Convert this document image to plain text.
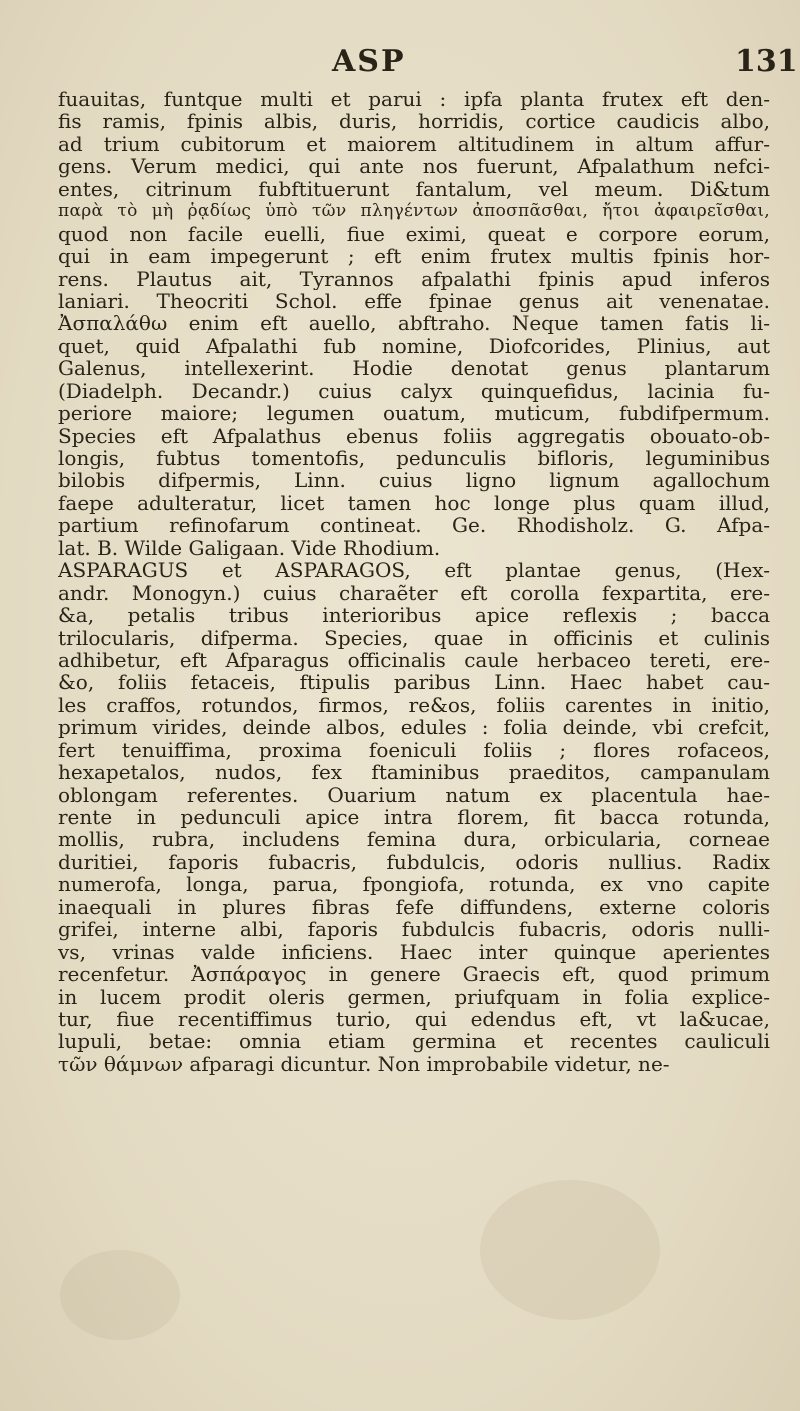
ASP	131
fuauitas, funtque multi et parui : ipfa planta frutex eft den-
fis ramis, fpinis albis, duris, horridis, cortice caudicis albo,
ad trium cubitorum et maiorem altitudinem in altum affur-
gens. Verum medici, qui ante nos fuerunt, Afpalathum nefci-
entes, citrinum fubftituerunt fantalum, vel meum. Di&tum
παρὰ τὸ μὴ ῥᾳδίως ὑπὸ τῶν πληγέντων ἀποσπᾶσθαι, ἤτοι ἀφαιρεῖσθαι,
quod non facile euelli, fiue eximi, queat e corpore eorum,
qui in eam impegerunt ; eft enim frutex multis fpinis hor-
rens. Plautus ait, Tyrannos afpalathi fpinis apud inferos
laniari. Theocriti Schol. effe fpinae genus ait venenatae.
Ἀσπαλάθω enim eft auello, abftraho. Neque tamen fatis li-
quet, quid Afpalathi fub nomine, Diofcorides, Plinius, aut
Galenus, intellexerint. Hodie denotat genus plantarum
(Diadelph. Decandr.) cuius calyx quinquefidus, lacinia fu-
periore maiore; legumen ouatum, muticum, fubdifpermum.
Species eft Afpalathus ebenus foliis aggregatis obouato-ob-
longis, fubtus tomentofis, pedunculis bifloris, leguminibus
bilobis difpermis, Linn. cuius ligno lignum agallochum
faepe adulteratur, licet tamen hoc longe plus quam illud,
partium refinofarum contineat. Ge. Rhodisholz. G. Afpa-
lat. B. Wilde Galigaan. Vide Rhodium.
ASPARAGUS et ASPARAGOS, eft plantae genus, (Hex-
andr. Monogyn.) cuius charaẽter eft corolla fexpartita, ere-
&a, petalis tribus interioribus apice reflexis ; bacca
trilocularis, difperma. Species, quae in officinis et culinis
adhibetur, eft Afparagus officinalis caule herbaceo tereti, ere-
&o, foliis fetaceis, ftipulis paribus Linn. Haec habet cau-
les craffos, rotundos, firmos, re&os, foliis carentes in initio,
primum virides, deinde albos, edules : folia deinde, vbi crefcit,
fert tenuiffima, proxima foeniculi foliis ; flores rofaceos,
hexapetalos, nudos, fex ftaminibus praeditos, campanulam
oblongam referentes. Ouarium natum ex placentula hae-
rente in pedunculi apice intra florem, fit bacca rotunda,
mollis, rubra, includens femina dura, orbicularia, corneae
duritiei, faporis fubacris, fubdulcis, odoris nullius. Radix
numerofa, longa, parua, fpongiofa, rotunda, ex vno capite
inaequali in plures fibras fefe diffundens, externe coloris
grifei, interne albi, faporis fubdulcis fubacris, odoris nulli-
vs, vrinas valde inficiens. Haec inter quinque aperientes
recenfetur. Ἀσπάραγος in genere Graecis eft, quod primum
in lucem prodit oleris germen, priufquam in folia explice-
tur, fiue recentiffimus turio, qui edendus eft, vt la&ucae,
lupuli, betae: omnia etiam germina et recentes cauliculi
τῶν θάμνων afparagi dicuntur. Non improbabile videtur, ne-
